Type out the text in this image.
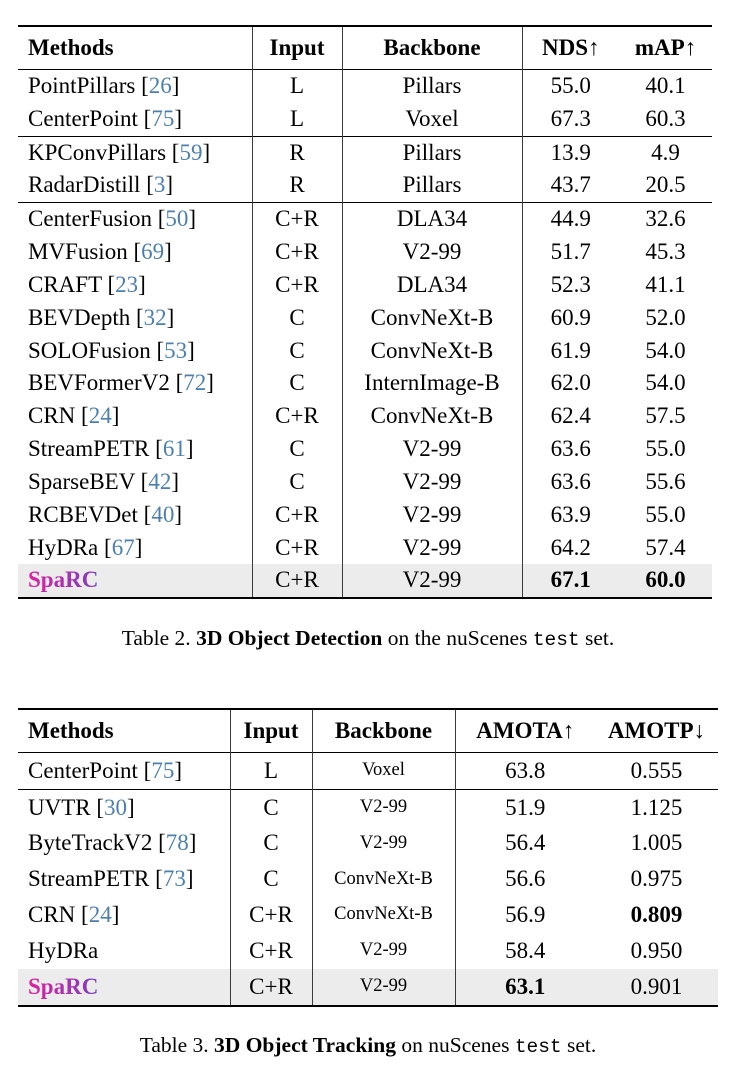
Methods	Input	Backbone	NDS↑	mAP↑
PointPillars [26]	L	Pillars	55.0	40.1
CenterPoint [75]	L	Voxel	67.3	60.3
KPConvPillars [59]	R	Pillars	13.9	4.9
RadarDistill [3]	R	Pillars	43.7	20.5
CenterFusion [50]	C+R	DLA34	44.9	32.6
MVFusion [69]	C+R	V2-99	51.7	45.3
CRAFT [23]	C+R	DLA34	52.3	41.1
BEVDepth [32]	C	ConvNeXt-B	60.9	52.0
SOLOFusion [53]	C	ConvNeXt-B	61.9	54.0
BEVFormerV2 [72]	C	InternImage-B	62.0	54.0
CRN [24]	C+R	ConvNeXt-B	62.4	57.5
StreamPETR [61]	C	V2-99	63.6	55.0
SparseBEV [42]	C	V2-99	63.6	55.6
RCBEVDet [40]	C+R	V2-99	63.9	55.0
HyDRa [67]	C+R	V2-99	64.2	57.4
SpaRC	C+R	V2-99	67.1	60.0
Table 2. 3D Object Detection on the nuScenes test set.
Methods	Input	Backbone	AMOTA↑	AMOTP↓
CenterPoint [75]	L	Voxel	63.8	0.555
UVTR [30]	C	V2-99	51.9	1.125
ByteTrackV2 [78]	C	V2-99	56.4	1.005
StreamPETR [73]	C	ConvNeXt-B	56.6	0.975
CRN [24]	C+R	ConvNeXt-B	56.9	0.809
HyDRa	C+R	V2-99	58.4	0.950
SpaRC	C+R	V2-99	63.1	0.901
Table 3. 3D Object Tracking on nuScenes test set.
